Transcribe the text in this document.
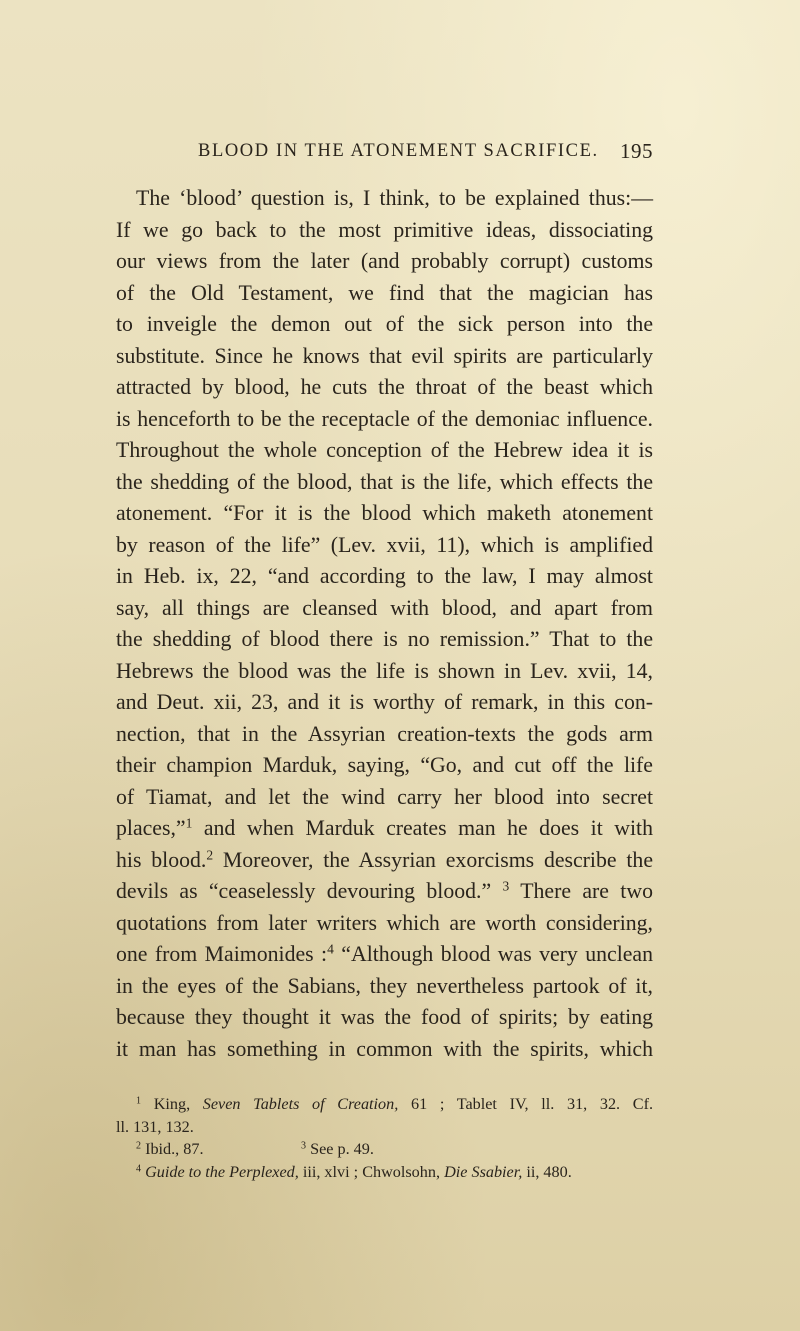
BLOOD IN THE ATONEMENT SACRIFICE. 195
The ‘blood’ question is, I think, to be explained thus:—
If we go back to the most primitive ideas, dissociating
our views from the later (and probably corrupt) customs
of the Old Testament, we find that the magician has
to inveigle the demon out of the sick person into the
substitute. Since he knows that evil spirits are particularly
attracted by blood, he cuts the throat of the beast which
is henceforth to be the receptacle of the demoniac influence.
Throughout the whole conception of the Hebrew idea it is
the shedding of the blood, that is the life, which effects the
atonement. “For it is the blood which maketh atonement
by reason of the life” (Lev. xvii, 11), which is amplified
in Heb. ix, 22, “and according to the law, I may almost
say, all things are cleansed with blood, and apart from
the shedding of blood there is no remission.” That to the
Hebrews the blood was the life is shown in Lev. xvii, 14,
and Deut. xii, 23, and it is worthy of remark, in this con-
nection, that in the Assyrian creation-texts the gods arm
their champion Marduk, saying, “Go, and cut off the life
of Tiamat, and let the wind carry her blood into secret
places,”$^1$ and when Marduk creates man he does it with
his blood.$^2$ Moreover, the Assyrian exorcisms describe the
devils as “ceaselessly devouring blood.” $^3$ There are two
quotations from later writers which are worth considering,
one from Maimonides :$^4$ “Although blood was very unclean
in the eyes of the Sabians, they nevertheless partook of it,
because they thought it was the food of spirits; by eating
it man has something in common with the spirits, which
$^1$ King, Seven Tablets of Creation, 61 ; Tablet IV, ll. 31, 32. Cf.
ll. 131, 132.
$^2$ Ibid., 87.	$^3$ See p. 49.
$^4$ Guide to the Perplexed, iii, xlvi ; Chwolsohn, Die Ssabier, ii, 480.
